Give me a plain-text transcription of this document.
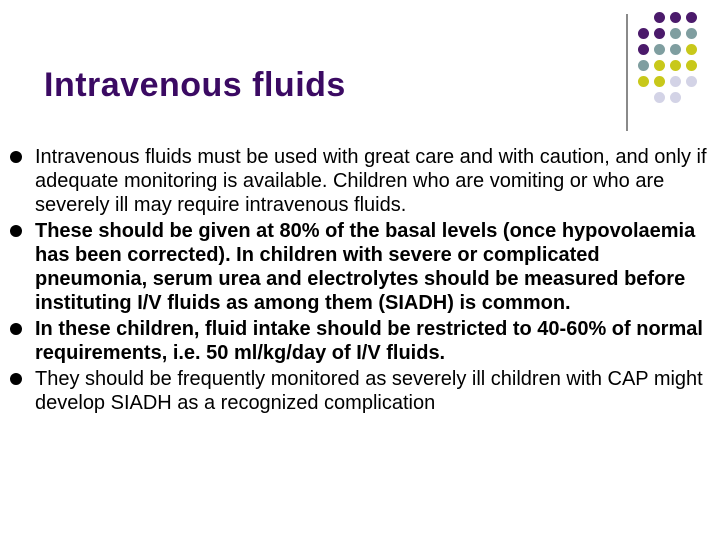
Intravenous fluids
Intravenous fluids must be used with great care and with caution, and only if adequate monitoring is available. Children who are vomiting or who are severely ill may require intravenous fluids.
These should be given at 80% of the basal levels (once hypovolaemia has been corrected). In children with severe or complicated pneumonia, serum urea and electrolytes should be measured before instituting I/V fluids as among them (SIADH) is common.
In these children, fluid intake should be restricted to 40-60% of normal requirements, i.e. 50 ml/kg/day of I/V fluids.
They should be frequently monitored as severely ill children with CAP might develop SIADH as a recognized complication
